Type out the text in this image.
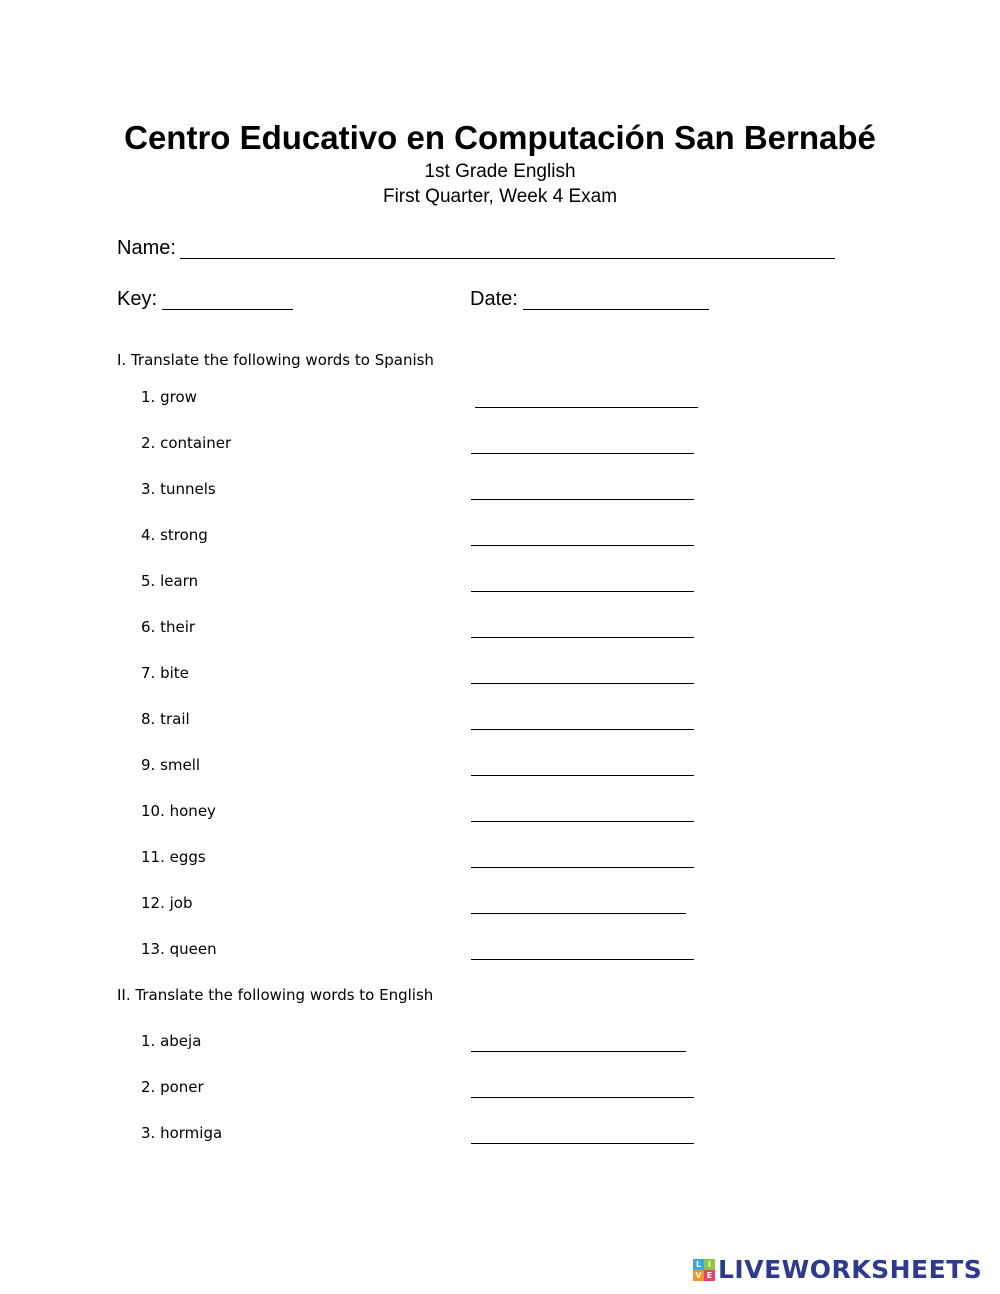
Centro Educativo en Computación San Bernabé
1st Grade English
First Quarter, Week 4 Exam
Name:
Key:	Date:
I. Translate the following words to Spanish
1. grow
2. container
3. tunnels
4. strong
5. learn
6. their
7. bite
8. trail
9. smell
10. honey
11. eggs
12. job
13. queen
II. Translate the following words to English
1. abeja
2. poner
3. hormiga
L I
V E LIVEWORKSHEETS
